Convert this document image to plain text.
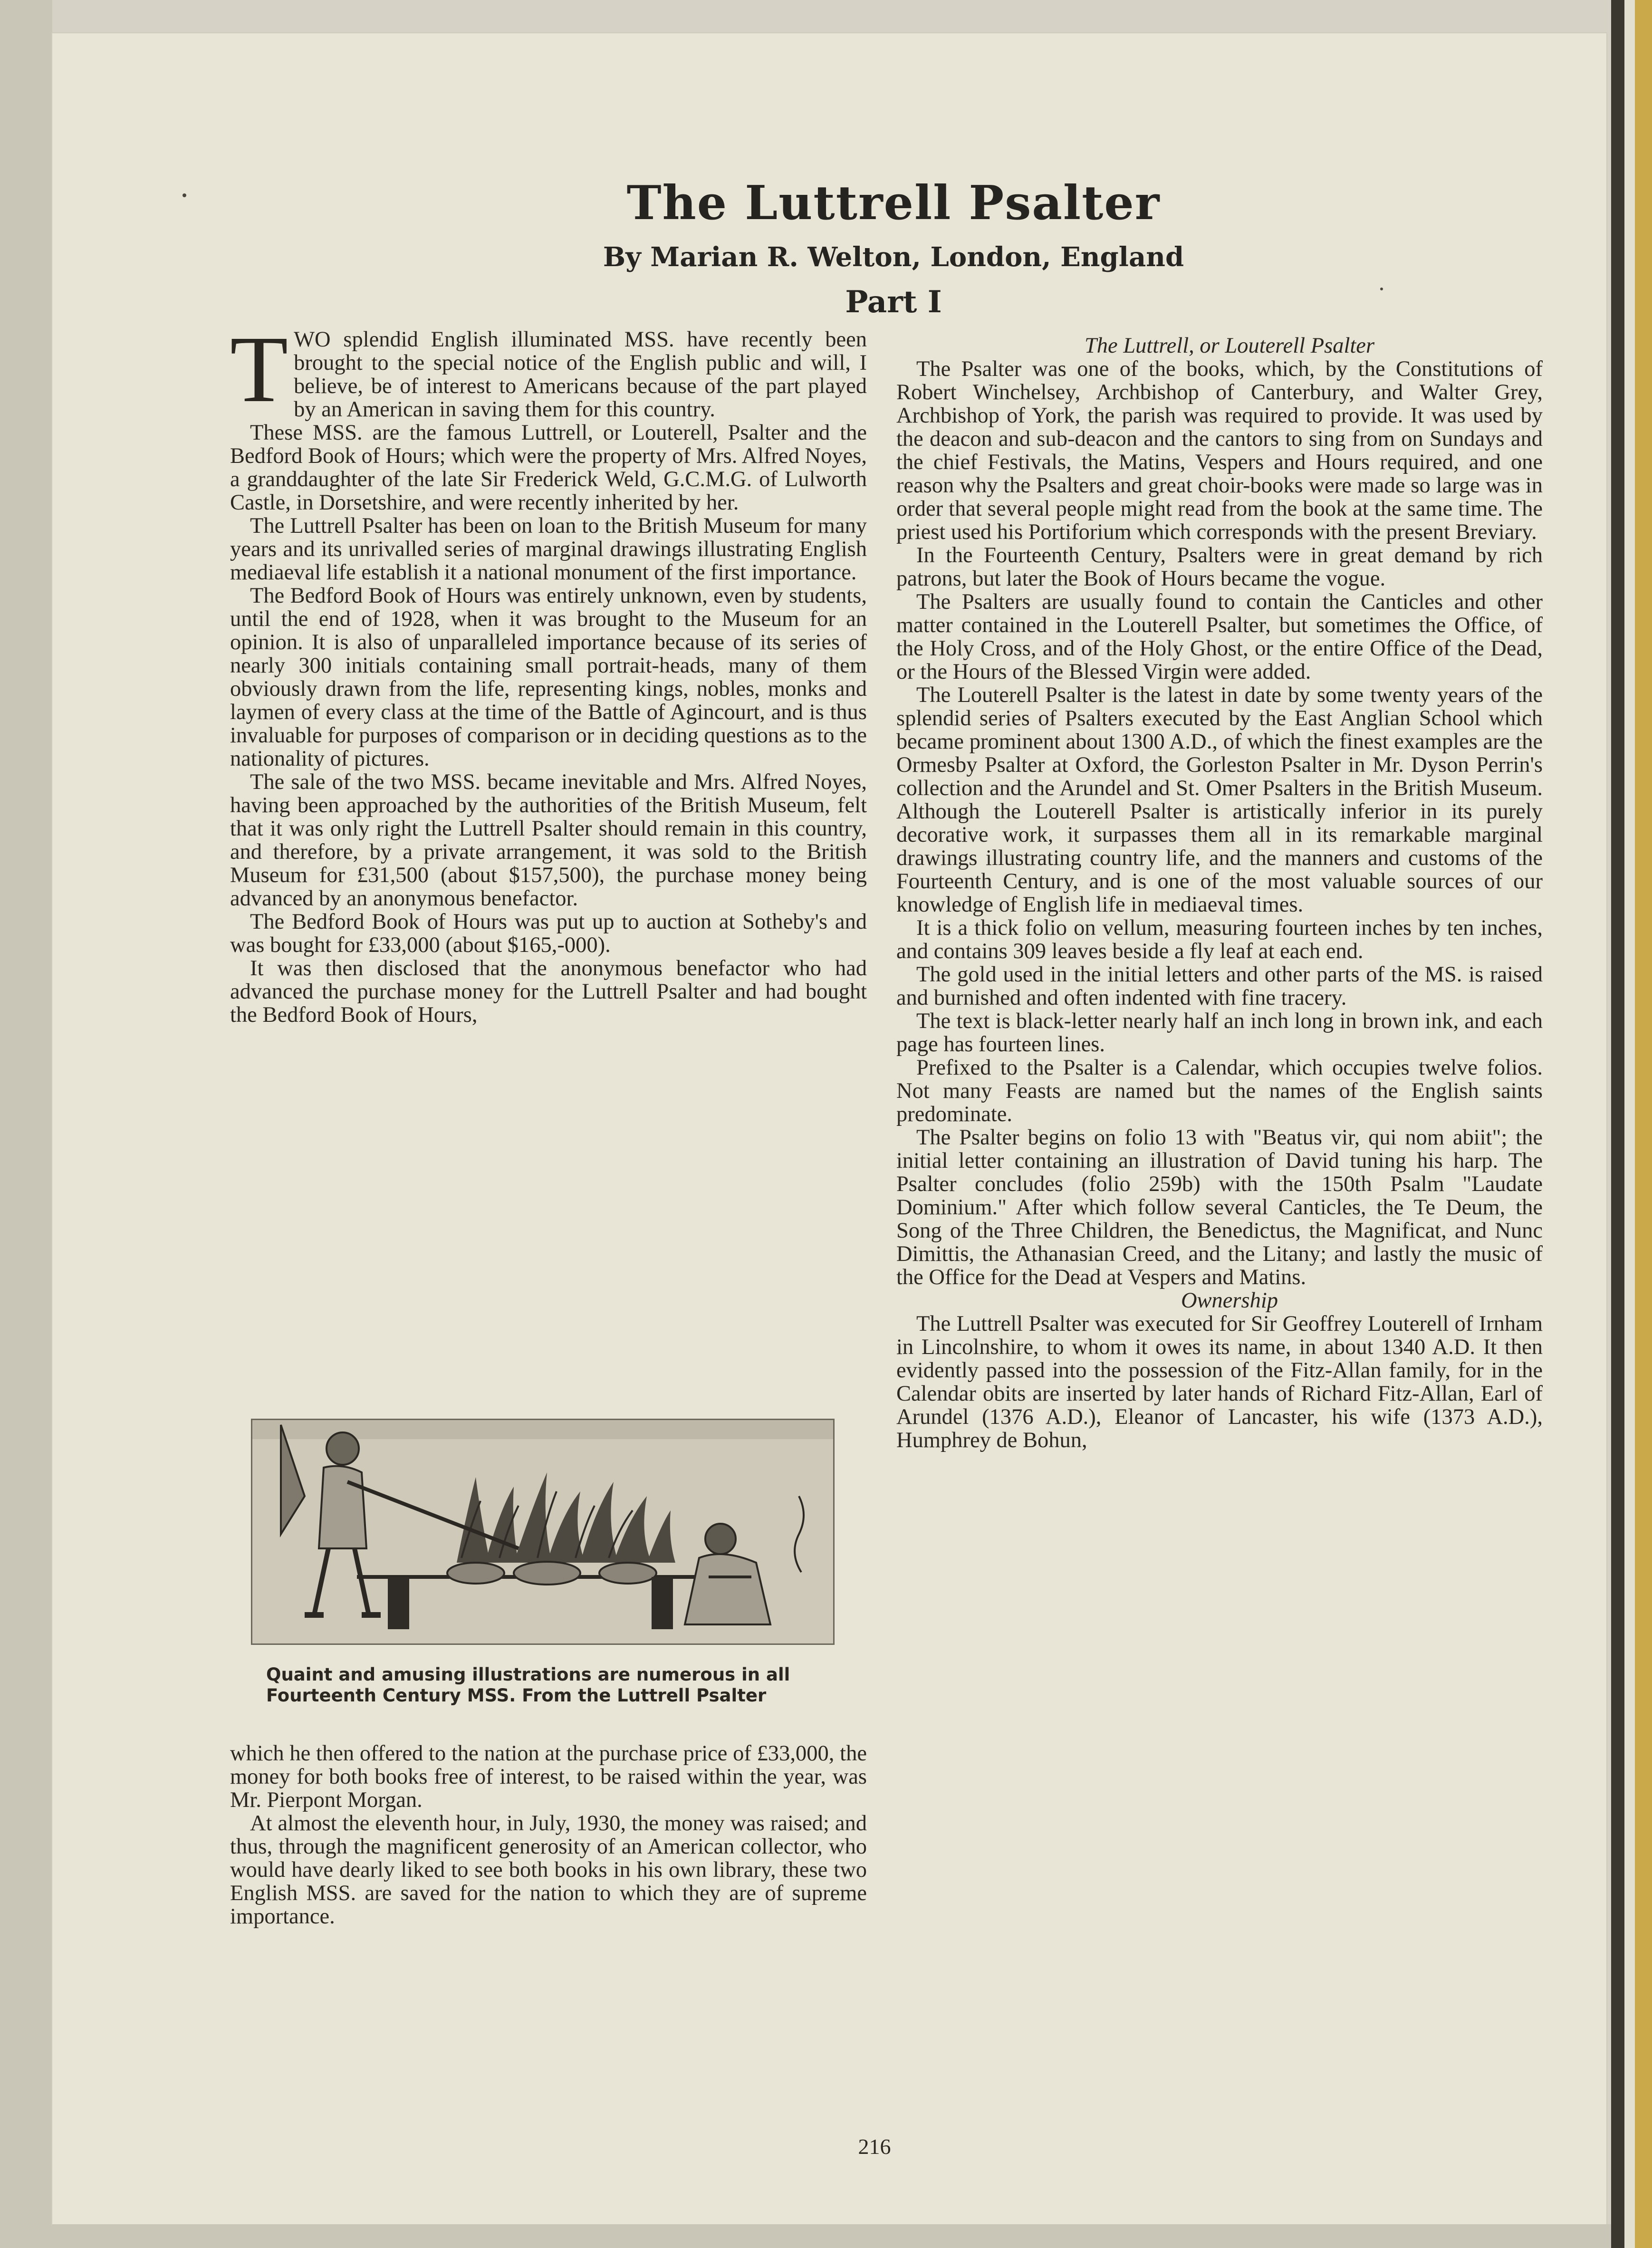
The Luttrell Psalter
By Marian R. Welton, London, England
Part I

TWO splendid English illuminated MSS. have recently been brought to the special notice of the English public and will, I believe, be of interest to Americans because of the part played by an American in saving them for this country.

These MSS. are the famous Luttrell, or Louterell, Psalter and the Bedford Book of Hours; which were the property of Mrs. Alfred Noyes, a granddaughter of the late Sir Frederick Weld, G.C.M.G. of Lulworth Castle, in Dorsetshire, and were recently inherited by her.

The Luttrell Psalter has been on loan to the British Museum for many years and its unrivalled series of marginal drawings illustrating English mediaeval life establish it a national monument of the first importance.

The Bedford Book of Hours was entirely unknown, even by students, until the end of 1928, when it was brought to the Museum for an opinion. It is also of unparalleled importance because of its series of nearly 300 initials containing small portrait-heads, many of them obviously drawn from the life, representing kings, nobles, monks and laymen of every class at the time of the Battle of Agincourt, and is thus invaluable for purposes of comparison or in deciding questions as to the nationality of pictures.

The sale of the two MSS. became inevitable and Mrs. Alfred Noyes, having been approached by the authorities of the British Museum, felt that it was only right the Luttrell Psalter should remain in this country, and therefore, by a private arrangement, it was sold to the British Museum for £31,500 (about $157,500), the purchase money being advanced by an anonymous benefactor.

The Bedford Book of Hours was put up to auction at Sotheby's and was bought for £33,000 (about $165,-000).

It was then disclosed that the anonymous benefactor who had advanced the purchase money for the Luttrell Psalter and had bought the Bedford Book of Hours,

Quaint and amusing illustrations are numerous in all Fourteenth Century MSS. From the Luttrell Psalter

which he then offered to the nation at the purchase price of £33,000, the money for both books free of interest, to be raised within the year, was Mr. Pierpont Morgan.

At almost the eleventh hour, in July, 1930, the money was raised; and thus, through the magnificent generosity of an American collector, who would have dearly liked to see both books in his own library, these two English MSS. are saved for the nation to which they are of supreme importance.

The Luttrell, or Louterell Psalter

The Psalter was one of the books, which, by the Constitutions of Robert Winchelsey, Archbishop of Canterbury, and Walter Grey, Archbishop of York, the parish was required to provide. It was used by the deacon and sub-deacon and the cantors to sing from on Sundays and the chief Festivals, the Matins, Vespers and Hours required, and one reason why the Psalters and great choir-books were made so large was in order that several people might read from the book at the same time. The priest used his Portiforium which corresponds with the present Breviary.

In the Fourteenth Century, Psalters were in great demand by rich patrons, but later the Book of Hours became the vogue.

The Psalters are usually found to contain the Canticles and other matter contained in the Louterell Psalter, but sometimes the Office, of the Holy Cross, and of the Holy Ghost, or the entire Office of the Dead, or the Hours of the Blessed Virgin were added.

The Louterell Psalter is the latest in date by some twenty years of the splendid series of Psalters executed by the East Anglian School which became prominent about 1300 A.D., of which the finest examples are the Ormesby Psalter at Oxford, the Gorleston Psalter in Mr. Dyson Perrin's collection and the Arundel and St. Omer Psalters in the British Museum. Although the Louterell Psalter is artistically inferior in its purely decorative work, it surpasses them all in its remarkable marginal drawings illustrating country life, and the manners and customs of the Fourteenth Century, and is one of the most valuable sources of our knowledge of English life in mediaeval times.

It is a thick folio on vellum, measuring fourteen inches by ten inches, and contains 309 leaves beside a fly leaf at each end.

The gold used in the initial letters and other parts of the MS. is raised and burnished and often indented with fine tracery.

The text is black-letter nearly half an inch long in brown ink, and each page has fourteen lines.

Prefixed to the Psalter is a Calendar, which occupies twelve folios. Not many Feasts are named but the names of the English saints predominate.

The Psalter begins on folio 13 with "Beatus vir, qui nom abiit"; the initial letter containing an illustration of David tuning his harp. The Psalter concludes (folio 259b) with the 150th Psalm "Laudate Dominium." After which follow several Canticles, the Te Deum, the Song of the Three Children, the Benedictus, the Magnificat, and Nunc Dimittis, the Athanasian Creed, and the Litany; and lastly the music of the Office for the Dead at Vespers and Matins.

Ownership

The Luttrell Psalter was executed for Sir Geoffrey Louterell of Irnham in Lincolnshire, to whom it owes its name, in about 1340 A.D. It then evidently passed into the possession of the Fitz-Allan family, for in the Calendar obits are inserted by later hands of Richard Fitz-Allan, Earl of Arundel (1376 A.D.), Eleanor of Lancaster, his wife (1373 A.D.), Humphrey de Bohun,

216
